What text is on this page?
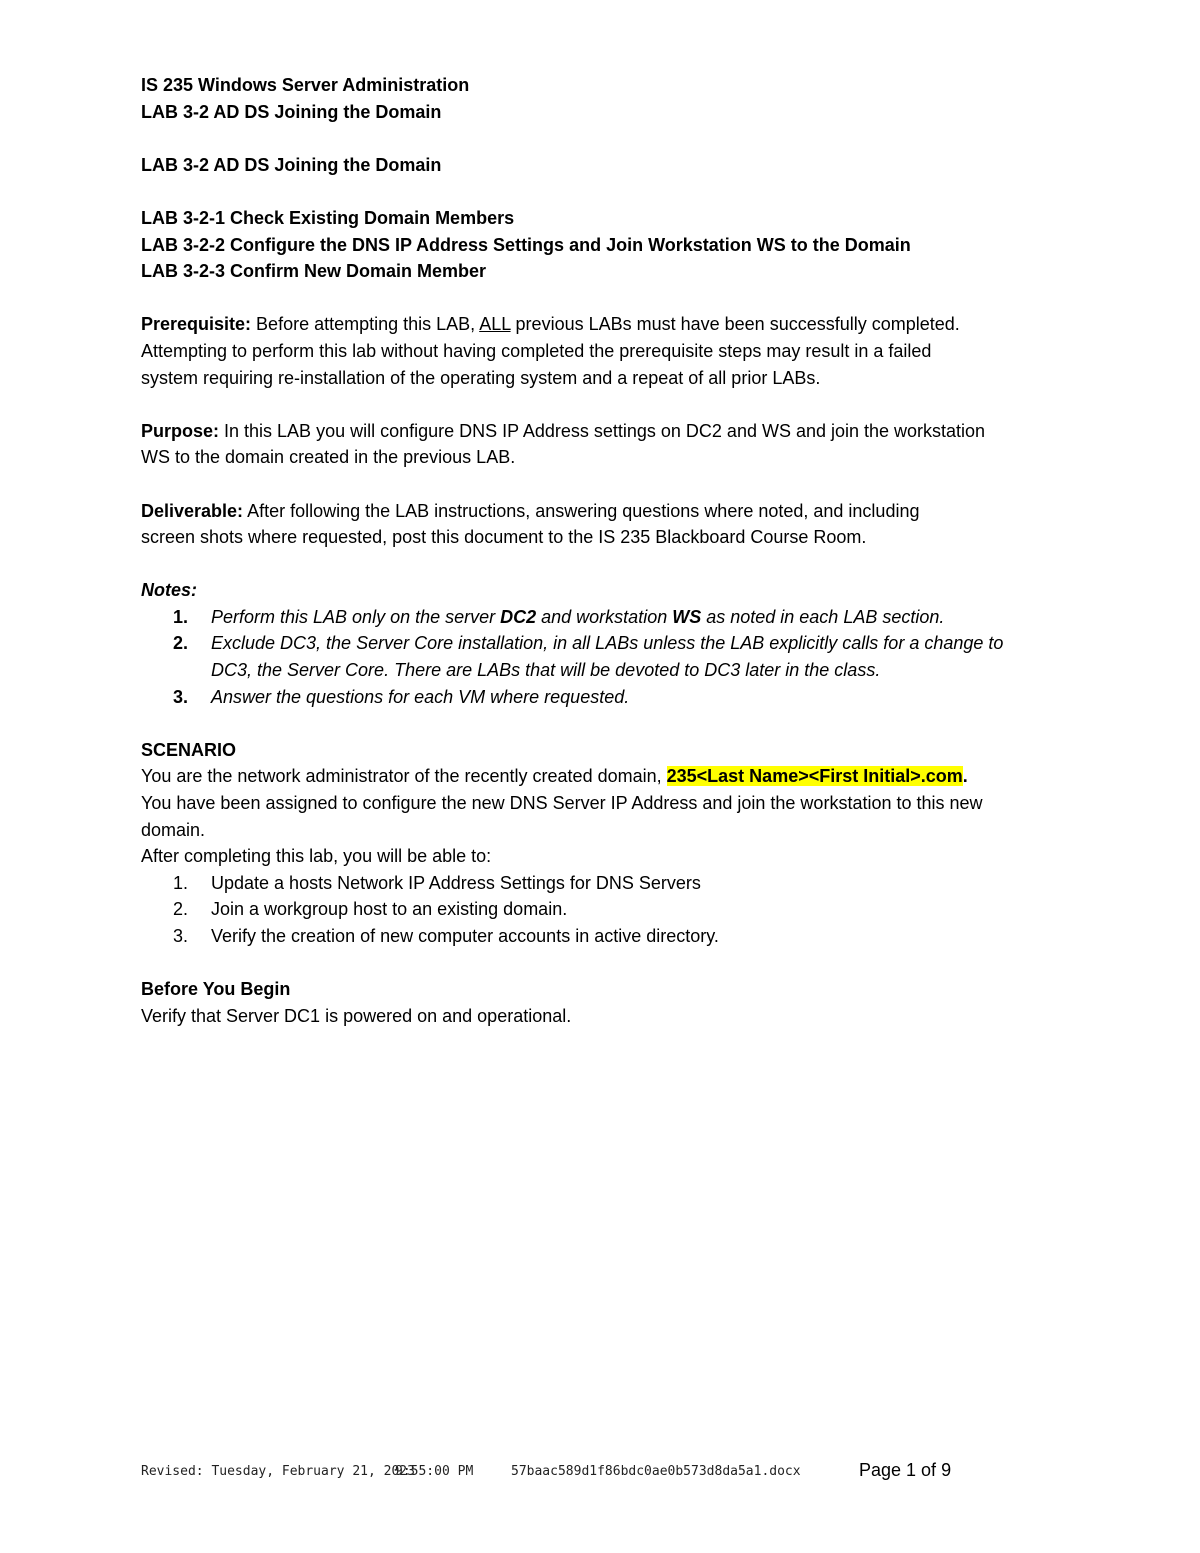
IS 235 Windows Server Administration

LAB 3-2 AD DS Joining the Domain

LAB 3-2 AD DS Joining the Domain

LAB 3-2-1 Check Existing Domain Members

LAB 3-2-2 Configure the DNS IP Address Settings and Join Workstation WS to the Domain

LAB 3-2-3 Confirm New Domain Member

Prerequisite: Before attempting this LAB, ALL previous LABs must have been successfully completed.

Attempting to perform this lab without having completed the prerequisite steps may result in a failed

system requiring re-installation of the operating system and a repeat of all prior LABs.

Purpose: In this LAB you will configure DNS IP Address settings on DC2 and WS and join the workstation

WS to the domain created in the previous LAB.

Deliverable: After following the LAB instructions, answering questions where noted, and including

screen shots where requested, post this document to the IS 235 Blackboard Course Room.

Notes:

1.	Perform this LAB only on the server DC2 and workstation WS as noted in each LAB section.
2.	Exclude DC3, the Server Core installation, in all LABs unless the LAB explicitly calls for a change to
DC3, the Server Core. There are LABs that will be devoted to DC3 later in the class.
3.	Answer the questions for each VM where requested.

SCENARIO

You are the network administrator of the recently created domain, 235<Last Name><First Initial>.com.

You have been assigned to configure the new DNS Server IP Address and join the workstation to this new

domain.

After completing this lab, you will be able to:

1.	Update a hosts Network IP Address Settings for DNS Servers
2.	Join a workgroup host to an existing domain.
3.	Verify the creation of new computer accounts in active directory.

Before You Begin

Verify that Server DC1 is powered on and operational.

Revised: Tuesday, February 21, 2023
9:55:00 PM	57baac589d1f86bdc0ae0b573d8da5a1.docx	Page 1 of 9
